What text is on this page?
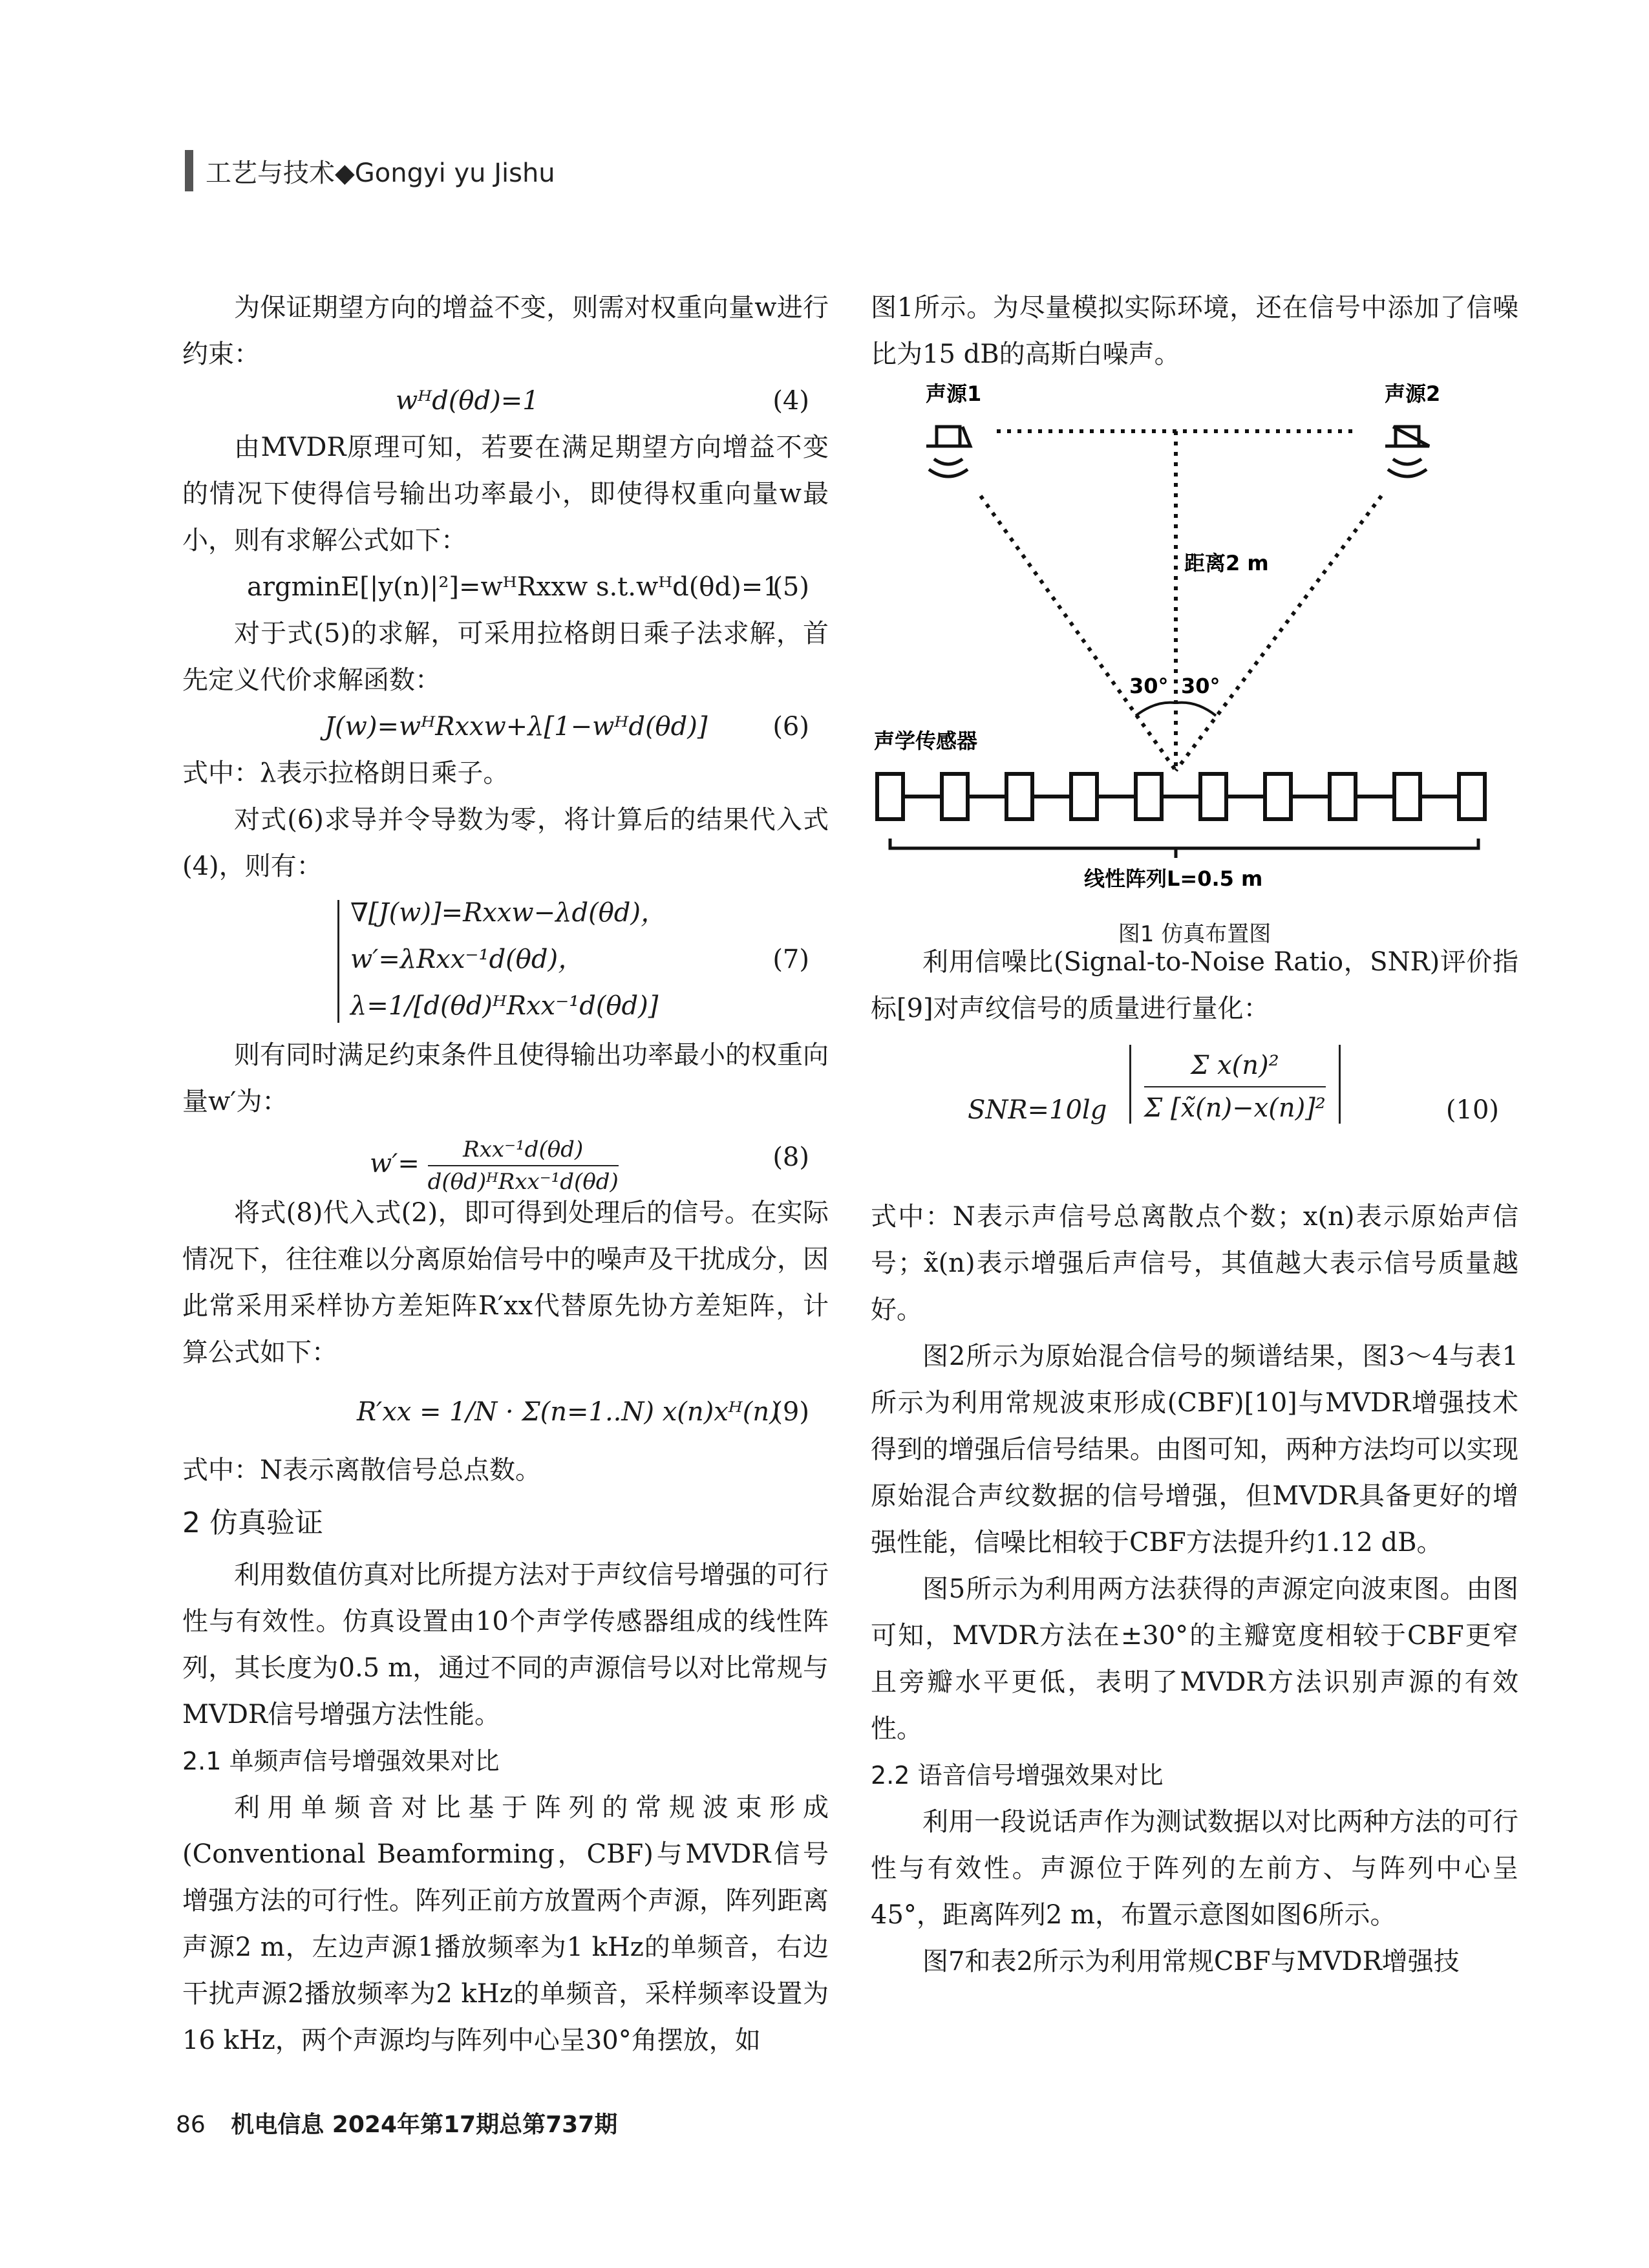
工艺与技术◆Gongyi yu Jishu

为保证期望方向的增益不变，则需对权重向量w进行约束：

wᴴd(θd)=1	(4)

由MVDR原理可知，若要在满足期望方向增益不变的情况下使得信号输出功率最小，即使得权重向量w最小，则有求解公式如下：

argminE[|y(n)|²]=wᴴRxxw s.t.wᴴd(θd)=1
(5)

对于式(5)的求解，可采用拉格朗日乘子法求解，首先定义代价求解函数：

J(w)=wᴴRxxw+λ[1−wᴴd(θd)]	(6)

式中：λ表示拉格朗日乘子。

对式(6)求导并令导数为零，将计算后的结果代入式(4)，则有：

∇[J(w)]=Rxxw−λd(θd)，
w′=λRxx⁻¹d(θd)，
λ=1/[d(θd)ᴴRxx⁻¹d(θd)]
(7)

则有同时满足约束条件且使得输出功率最小的权重向量w′为：

$w'= \frac{\text{Rxx⁻¹d(θd)}}{\text{d(θd)ᴴRxx⁻¹d(θd)}}$	(8)

将式(8)代入式(2)，即可得到处理后的信号。在实际情况下，往往难以分离原始信号中的噪声及干扰成分，因此常采用采样协方差矩阵R′xx代替原先协方差矩阵，计算公式如下：

R′xx = 1/N · Σ(n=1..N) x(n)xᴴ(n)
(9)

式中：N表示离散信号总点数。

2 仿真验证

利用数值仿真对比所提方法对于声纹信号增强的可行性与有效性。仿真设置由10个声学传感器组成的线性阵列，其长度为0.5 m，通过不同的声源信号以对比常规与MVDR信号增强方法性能。

2.1 单频声信号增强效果对比

利用单频音对比基于阵列的常规波束形成(Conventional Beamforming，CBF)与MVDR信号增强方法的可行性。阵列正前方放置两个声源，阵列距离声源2 m，左边声源1播放频率为1 kHz的单频音，右边干扰声源2播放频率为2 kHz的单频音，采样频率设置为16 kHz，两个声源均与阵列中心呈30°角摆放，如

图1所示。为尽量模拟实际环境，还在信号中添加了信噪比为15 dB的高斯白噪声。

声源1	声源2
距离2 m
30° 30°
声学传感器
线性阵列L=0.5 m
图1 仿真布置图

利用信噪比(Signal-to-Noise Ratio，SNR)评价指标[9]对声纹信号的质量进行量化：

$SNR=10\lg \frac{\text{Σ x(n)²}}{\text{Σ [x̃(n)−x(n)]²}}$	(10)

式中：N表示声信号总离散点个数；x(n)表示原始声信号；x̃(n)表示增强后声信号，其值越大表示信号质量越好。

图2所示为原始混合信号的频谱结果，图3～4与表1所示为利用常规波束形成(CBF)[10]与MVDR增强技术得到的增强后信号结果。由图可知，两种方法均可以实现原始混合声纹数据的信号增强，但MVDR具备更好的增强性能，信噪比相较于CBF方法提升约1.12 dB。

图5所示为利用两方法获得的声源定向波束图。由图可知，MVDR方法在±30°的主瓣宽度相较于CBF更窄且旁瓣水平更低，表明了MVDR方法识别声源的有效性。

2.2 语音信号增强效果对比

利用一段说话声作为测试数据以对比两种方法的可行性与有效性。声源位于阵列的左前方、与阵列中心呈45°，距离阵列2 m，布置示意图如图6所示。

图7和表2所示为利用常规CBF与MVDR增强技

86 机电信息 2024年第17期总第737期
